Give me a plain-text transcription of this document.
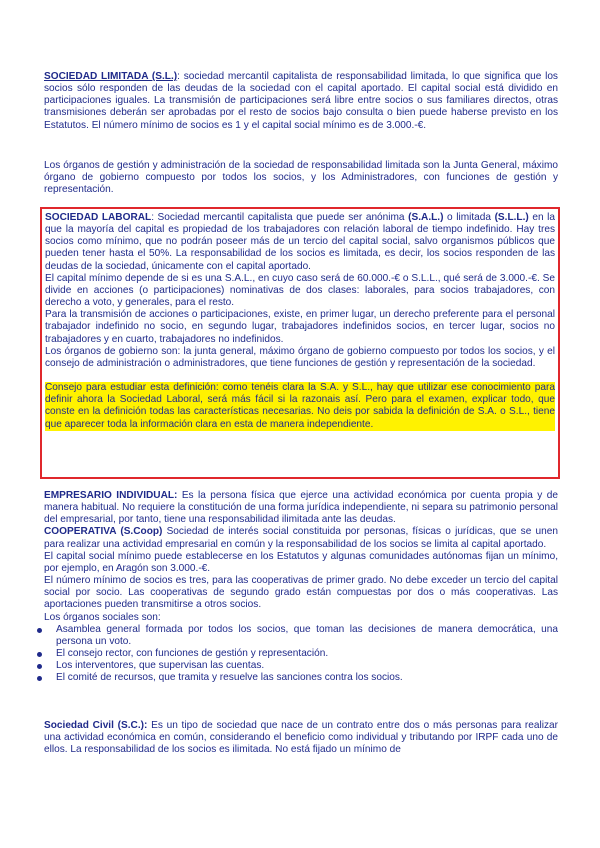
SOCIEDAD LIMITADA (S.L.): sociedad mercantil capitalista de responsabilidad limitada, lo que significa que los socios sólo responden de las deudas de la sociedad con el capital aportado. El capital social está dividido en participaciones iguales. La transmisión de participaciones será libre entre socios o sus familiares directos, otras transmisiones deberán ser aprobadas por el resto de socios bajo consulta o bien puede haberse previsto en los Estatutos. El número mínimo de socios es 1 y el capital social mínimo es de 3.000.-€.

Los órganos de gestión y administración de la sociedad de responsabilidad limitada son la Junta General, máximo órgano de gobierno compuesto por todos los socios, y los Administradores, con funciones de gestión y representación.

SOCIEDAD LABORAL: Sociedad mercantil capitalista que puede ser anónima (S.A.L.) o limitada (S.L.L.) en la que la mayoría del capital es propiedad de los trabajadores con relación laboral de tiempo indefinido. Hay tres socios como mínimo, que no podrán poseer más de un tercio del capital social, salvo organismos públicos que pueden tener hasta el 50%. La responsabilidad de los socios es limitada, es decir, los socios responden de las deudas de la sociedad, únicamente con el capital aportado.

El capital mínimo depende de si es una S.A.L., en cuyo caso será de 60.000.-€ o S.L.L., qué será de 3.000.-€. Se divide en acciones (o participaciones) nominativas de dos clases: laborales, para socios trabajadores, con derecho a voto, y generales, para el resto.

Para la transmisión de acciones o participaciones, existe, en primer lugar, un derecho preferente para el personal trabajador indefinido no socio, en segundo lugar, trabajadores indefinidos socios, en tercer lugar, socios no trabajadores y en cuarto, trabajadores no indefinidos.

Los órganos de gobierno son: la junta general, máximo órgano de gobierno compuesto por todos los socios, y el consejo de administración o administradores, que tiene funciones de gestión y representación de la sociedad.

Consejo para estudiar esta definición: como tenéis clara la S.A. y S.L., hay que utilizar ese conocimiento para definir ahora la Sociedad Laboral, será más fácil si la razonais así. Pero para el examen, explicar todo, que conste en la definición todas las características necesarias. No deis por sabida la definición de S.A. o S.L., tiene que aparecer toda la información clara en esta de manera independiente.

EMPRESARIO INDIVIDUAL: Es la persona física que ejerce una actividad económica por cuenta propia y de manera habitual. No requiere la constitución de una forma jurídica independiente, ni separa su patrimonio personal del empresarial, por tanto, tiene una responsabilidad ilimitada ante las deudas.

COOPERATIVA (S.Coop) Sociedad de interés social constituida por personas, físicas o jurídicas, que se unen para realizar una actividad empresarial en común y la responsabilidad de los socios se limita al capital aportado.

El capital social mínimo puede establecerse en los Estatutos y algunas comunidades autónomas fijan un mínimo, por ejemplo, en Aragón son 3.000.-€.

El número mínimo de socios es tres, para las cooperativas de primer grado. No debe exceder un tercio del capital social por socio. Las cooperativas de segundo grado están compuestas por dos o más cooperativas. Las aportaciones pueden transmitirse a otros socios.

Los órganos sociales son:

Asamblea general formada por todos los socios, que toman las decisiones de manera democrática, una persona un voto.

El consejo rector, con funciones de gestión y representación.

Los interventores, que supervisan las cuentas.

El comité de recursos, que tramita y resuelve las sanciones contra los socios.

Sociedad Civil (S.C.): Es un tipo de sociedad que nace de un contrato entre dos o más personas para realizar una actividad económica en común, considerando el beneficio como individual y tributando por IRPF cada uno de ellos. La responsabilidad de los socios es ilimitada. No está fijado un mínimo de
